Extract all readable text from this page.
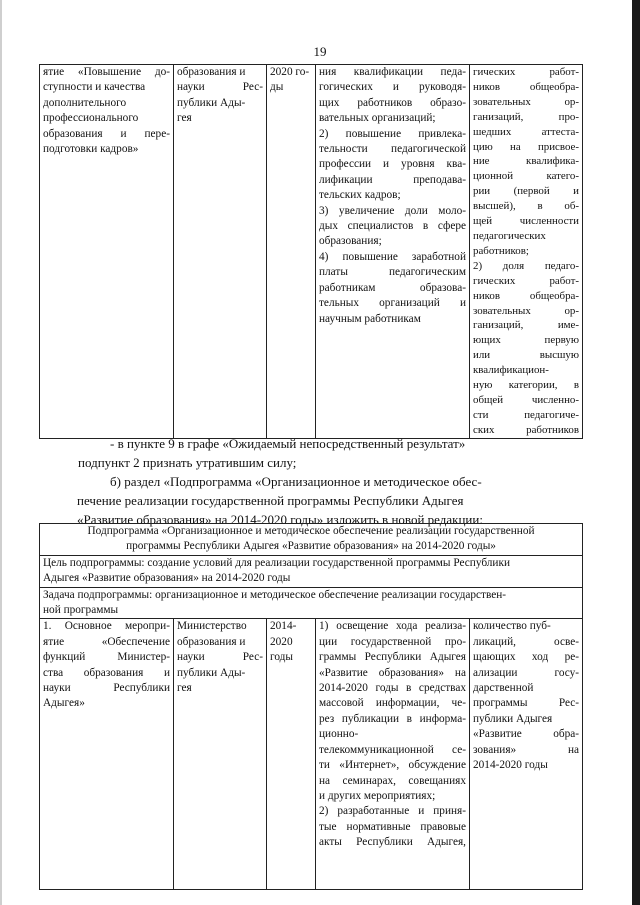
19
ятие «Повышение до-
ступности и качества
дополнительного
профессионального
образования и пере-
подготовки кадров»

образования и
науки Рес-
публики Ады-
гея

2020 го-
ды

ния квалификации педа-
гогических и руководя-
щих работников образо-
вательных организаций;
2) повышение привлека-
тельности педагогической
профессии и уровня ква-
лификации преподава-
тельских кадров;
3) увеличение доли моло-
дых специалистов в сфере
образования;
4) повышение заработной
платы педагогическим
работникам образова-
тельных организаций и
научным работникам

гических работ-
ников общеобра-
зовательных ор-
ганизаций, про-
шедших аттеста-
цию на присвое-
ние квалифика-
ционной катего-
рии (первой и
высшей), в об-
щей численности
педагогических
работников;
2) доля педаго-
гических работ-
ников общеобра-
зовательных ор-
ганизаций, име-
ющих первую
или высшую
квалификацион-
ную категории, в
общей численно-
сти педагогиче-
ских работников
- в пункте 9 в графе «Ожидаемый непосредственный результат»
подпункт 2 признать утратившим силу;
б) раздел «Подпрограмма «Организационное и методическое обес-
печение реализации государственной программы Республики Адыгея
«Развитие образования» на 2014-2020 годы» изложить в новой редакции:
Подпрограмма «Организационное и методическое обеспечение реализации государственной
программы Республики Адыгея «Развитие образования» на 2014-2020 годы»

Цель подпрограммы: создание условий для реализации государственной программы Республики
Адыгея «Развитие образования» на 2014-2020 годы

Задача подпрограммы: организационное и методическое обеспечение реализации государствен-
ной программы

1. Основное меропри-
ятие «Обеспечение
функций Министер-
ства образования и
науки Республики
Адыгея»

Министерство
образования и
науки Рес-
публики Ады-
гея

2014-
2020
годы

1) освещение хода реализа-
ции государственной про-
граммы Республики Адыгея
«Развитие образования» на
2014-2020 годы в средствах
массовой информации, че-
рез публикации в информа-
ционно-
телекоммуникационной се-
ти «Интернет», обсуждение
на семинарах, совещаниях
и других мероприятиях;
2) разработанные и приня-
тые нормативные правовые
акты Республики Адыгея,

количество пуб-
ликаций, осве-
щающих ход ре-
ализации госу-
дарственной
программы Рес-
публики Адыгея
«Развитие обра-
зования» на
2014-2020 годы
